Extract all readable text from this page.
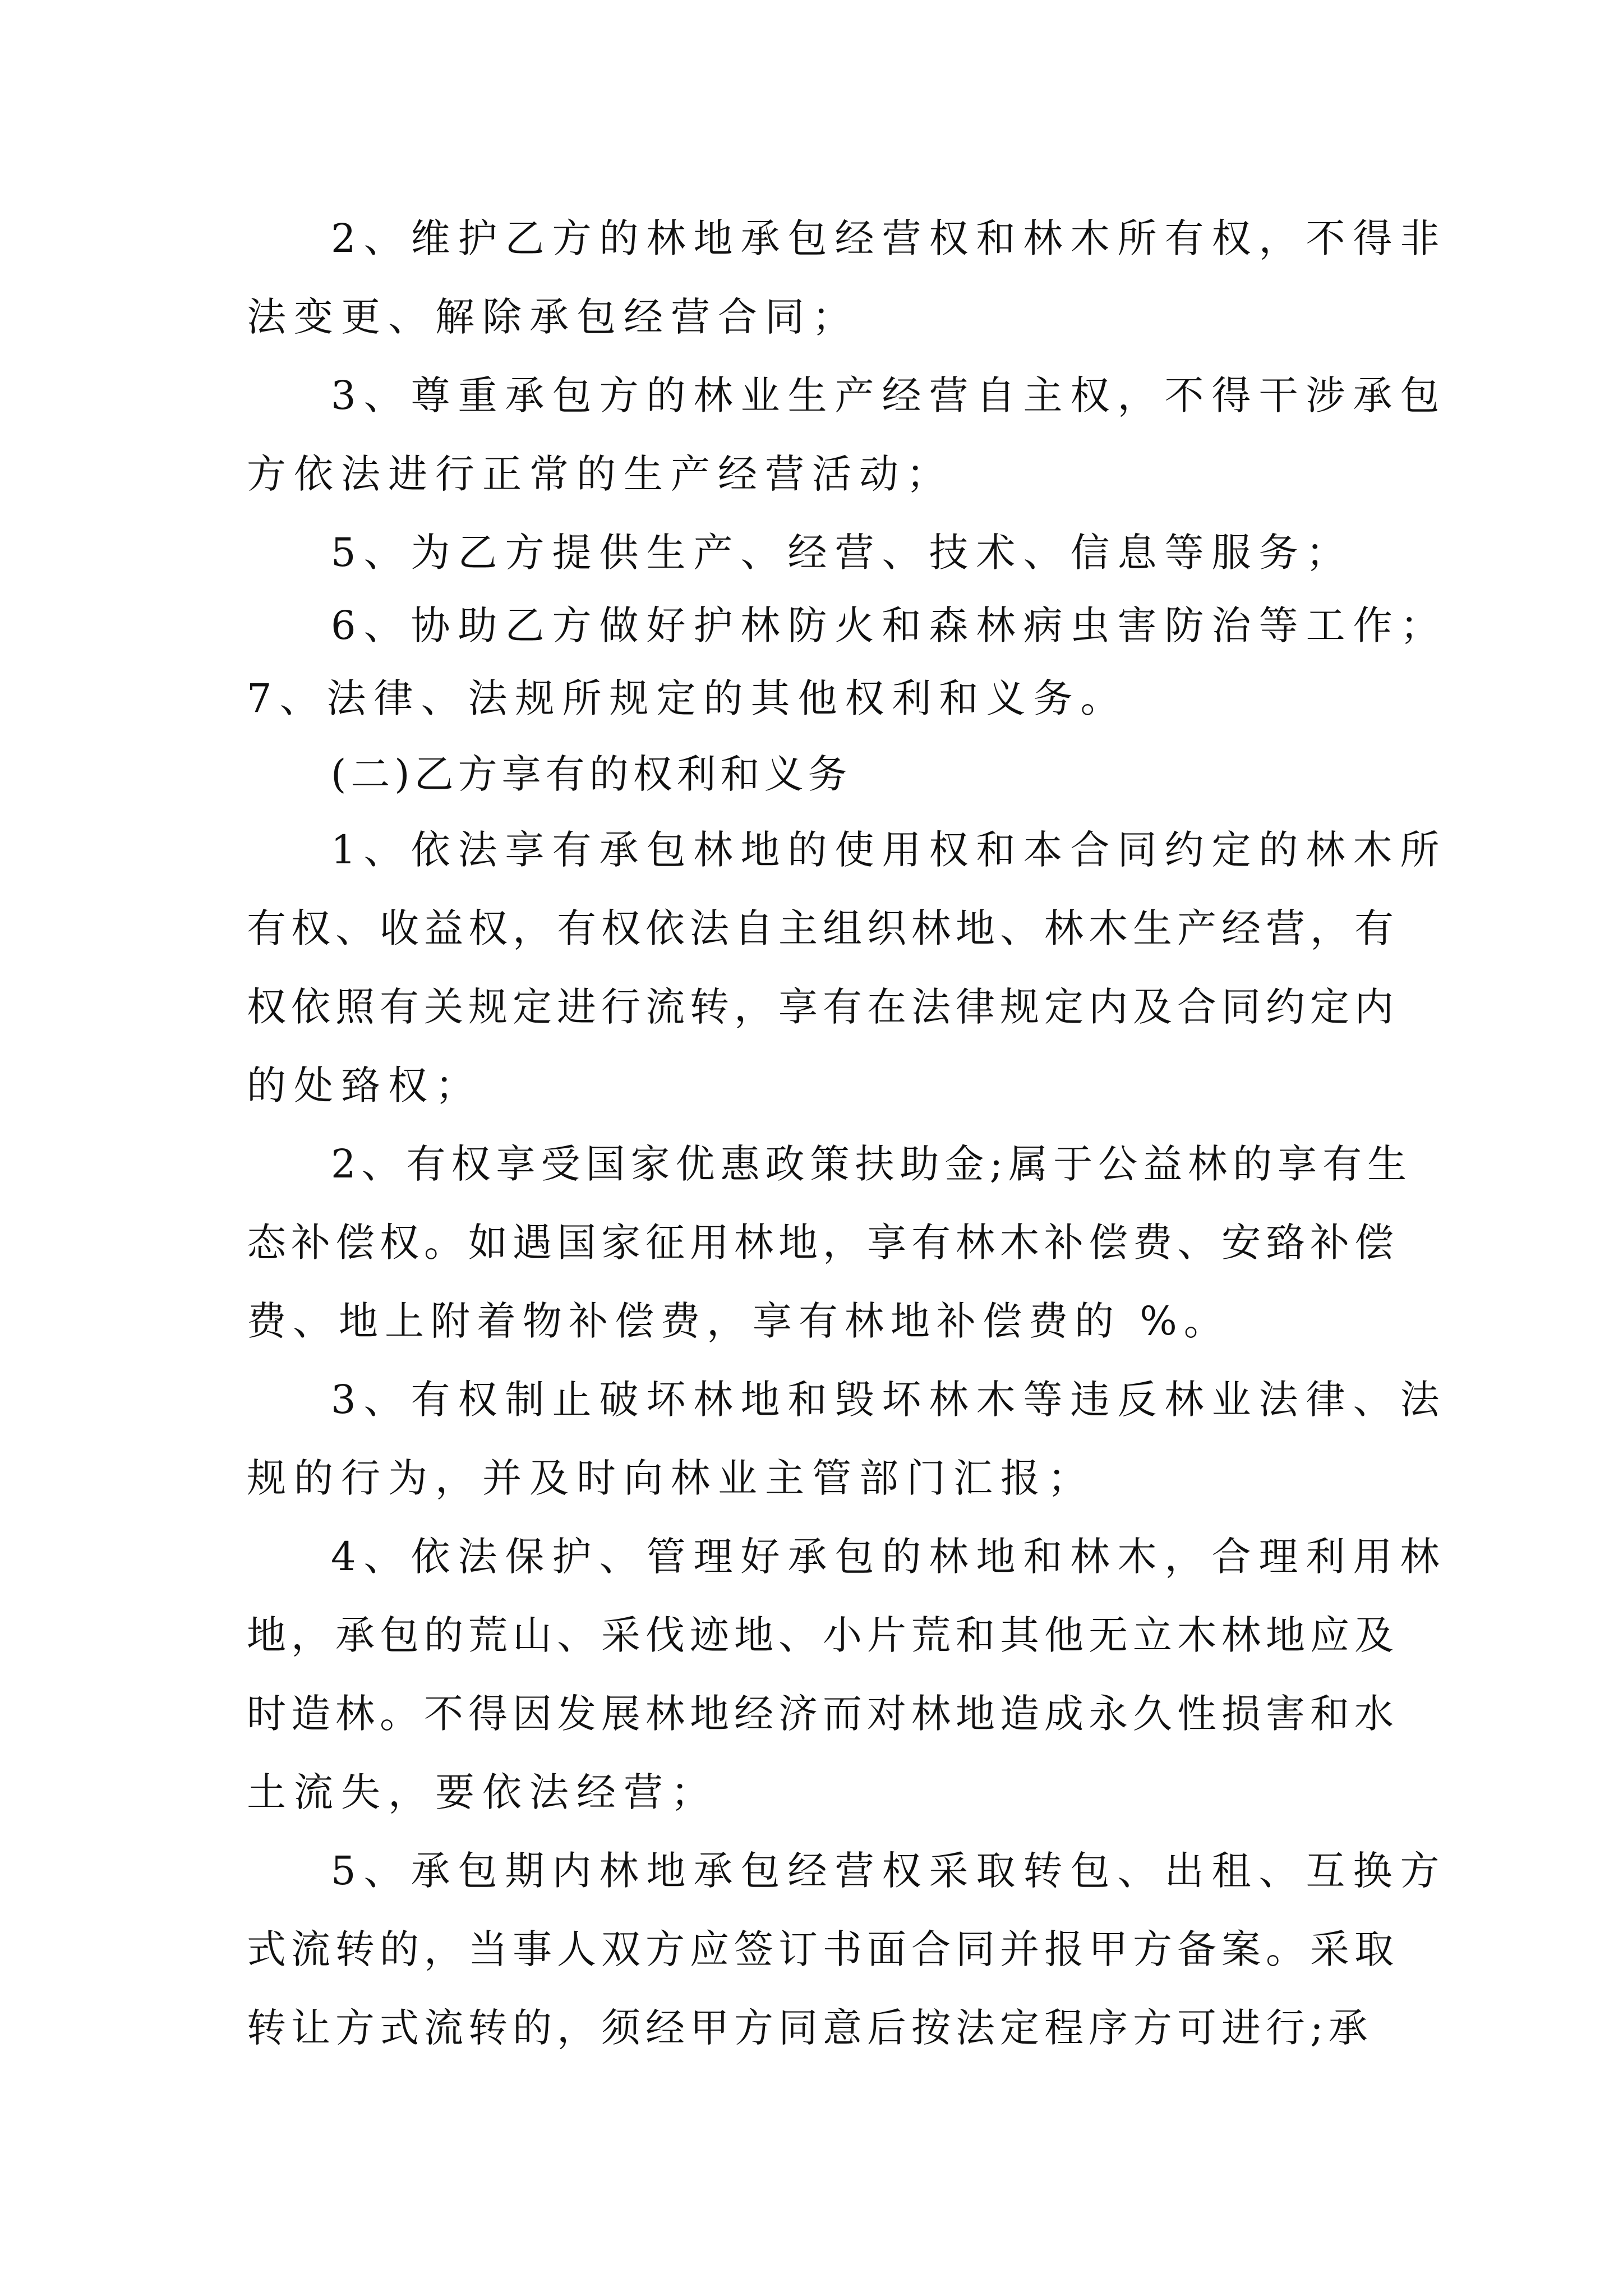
2、维护乙方的林地承包经营权和林木所有权，不得非
法变更、解除承包经营合同；
3、尊重承包方的林业生产经营自主权，不得干涉承包
方依法进行正常的生产经营活动；
5、为乙方提供生产、经营、技术、信息等服务；
6、协助乙方做好护林防火和森林病虫害防治等工作；
7、法律、法规所规定的其他权利和义务。
(二)乙方享有的权利和义务
1、依法享有承包林地的使用权和本合同约定的林木所
有权、收益权，有权依法自主组织林地、林木生产经营，有
权依照有关规定进行流转，享有在法律规定内及合同约定内
的处臵权；
2、有权享受国家优惠政策扶助金;属于公益林的享有生
态补偿权。如遇国家征用林地，享有林木补偿费、安臵补偿
费、地上附着物补偿费，享有林地补偿费的 %。
3、有权制止破坏林地和毁坏林木等违反林业法律、法
规的行为，并及时向林业主管部门汇报；
4、依法保护、管理好承包的林地和林木，合理利用林
地，承包的荒山、采伐迹地、小片荒和其他无立木林地应及
时造林。不得因发展林地经济而对林地造成永久性损害和水
土流失，要依法经营；
5、承包期内林地承包经营权采取转包、出租、互换方
式流转的，当事人双方应签订书面合同并报甲方备案。采取
转让方式流转的，须经甲方同意后按法定程序方可进行;承
